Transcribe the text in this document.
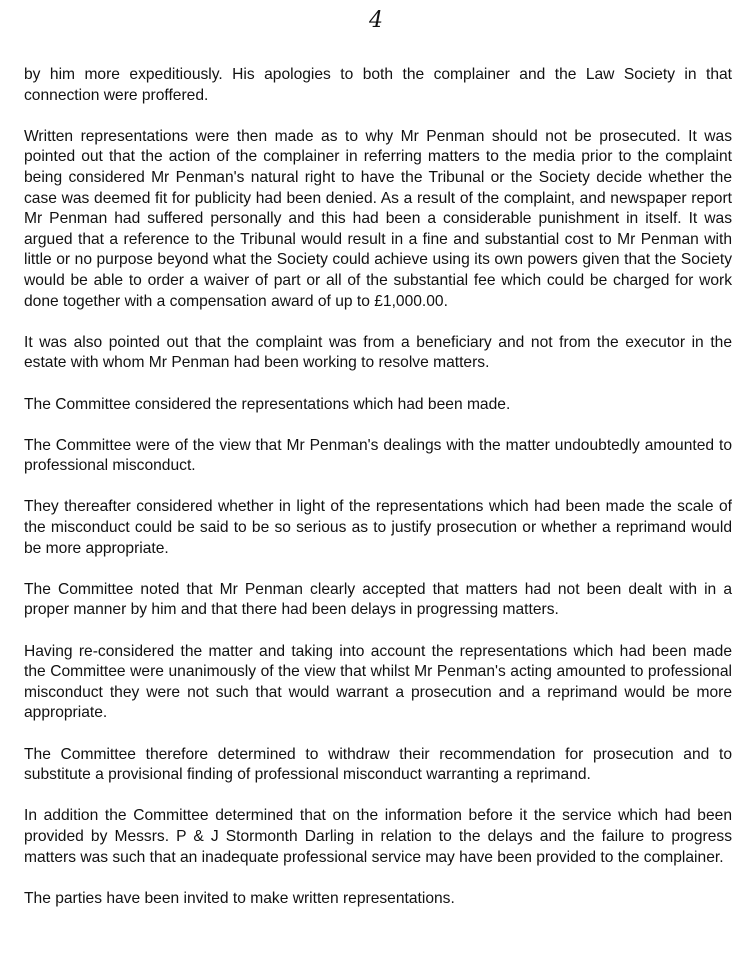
4

by him more expeditiously. His apologies to both the complainer and the Law Society in that connection were proffered.

Written representations were then made as to why Mr Penman should not be prosecuted. It was pointed out that the action of the complainer in referring matters to the media prior to the complaint being considered Mr Penman's natural right to have the Tribunal or the Society decide whether the case was deemed fit for publicity had been denied. As a result of the complaint, and newspaper report Mr Penman had suffered personally and this had been a considerable punishment in itself. It was argued that a reference to the Tribunal would result in a fine and substantial cost to Mr Penman with little or no purpose beyond what the Society could achieve using its own powers given that the Society would be able to order a waiver of part or all of the substantial fee which could be charged for work done together with a compensation award of up to £1,000.00.

It was also pointed out that the complaint was from a beneficiary and not from the executor in the estate with whom Mr Penman had been working to resolve matters.

The Committee considered the representations which had been made.

The Committee were of the view that Mr Penman's dealings with the matter undoubtedly amounted to professional misconduct.

They thereafter considered whether in light of the representations which had been made the scale of the misconduct could be said to be so serious as to justify prosecution or whether a reprimand would be more appropriate.

The Committee noted that Mr Penman clearly accepted that matters had not been dealt with in a proper manner by him and that there had been delays in progressing matters.

Having re-considered the matter and taking into account the representations which had been made the Committee were unanimously of the view that whilst Mr Penman's acting amounted to professional misconduct they were not such that would warrant a prosecution and a reprimand would be more appropriate.

The Committee therefore determined to withdraw their recommendation for prosecution and to substitute a provisional finding of professional misconduct warranting a reprimand.

In addition the Committee determined that on the information before it the service which had been provided by Messrs. P & J Stormonth Darling in relation to the delays and the failure to progress matters was such that an inadequate professional service may have been provided to the complainer.

The parties have been invited to make written representations.
